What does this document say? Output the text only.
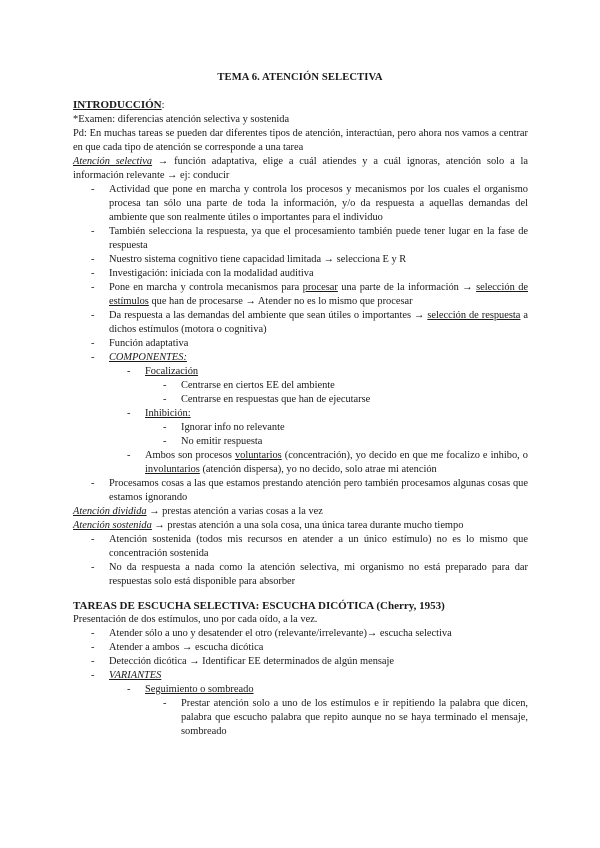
TEMA 6. ATENCIÓN SELECTIVA

INTRODUCCIÓN:

*Examen: diferencias atención selectiva y sostenida

Pd: En muchas tareas se pueden dar diferentes tipos de atención, interactúan, pero ahora nos vamos a centrar en que cada tipo de atención se corresponde a una tarea

Atención selectiva → función adaptativa, elige a cuál atiendes y a cuál ignoras, atención solo a la información relevante → ej: conducir

- Actividad que pone en marcha y controla los procesos y mecanismos por los cuales el organismo procesa tan sólo una parte de toda la información, y/o da respuesta a aquellas demandas del ambiente que son realmente útiles o importantes para el individuo
- También selecciona la respuesta, ya que el procesamiento también puede tener lugar en la fase de respuesta
- Nuestro sistema cognitivo tiene capacidad limitada → selecciona E y R
- Investigación: iniciada con la modalidad auditiva
- Pone en marcha y controla mecanismos para procesar una parte de la información → selección de estímulos que han de procesarse → Atender no es lo mismo que procesar
- Da respuesta a las demandas del ambiente que sean útiles o importantes → selección de respuesta a dichos estímulos (motora o cognitiva)
- Función adaptativa
- COMPONENTES:
- Focalización
- Centrarse en ciertos EE del ambiente
- Centrarse en respuestas que han de ejecutarse
- Inhibición:
- Ignorar info no relevante
- No emitir respuesta
- Ambos son procesos voluntarios (concentración), yo decido en que me focalizo e inhibo, o involuntarios (atención dispersa), yo no decido, solo atrae mi atención
- Procesamos cosas a las que estamos prestando atención pero también procesamos algunas cosas que estamos ignorando

Atención dividida → prestas atención a varias cosas a la vez

Atención sostenida → prestas atención a una sola cosa, una única tarea durante mucho tiempo

- Atención sostenida (todos mis recursos en atender a un único estímulo) no es lo mismo que concentración sostenida
- No da respuesta a nada como la atención selectiva, mi organismo no está preparado para dar respuestas solo está disponible para absorber

TAREAS DE ESCUCHA SELECTIVA: ESCUCHA DICÓTICA (Cherry, 1953)

Presentación de dos estímulos, uno por cada oído, a la vez.

- Atender sólo a uno y desatender el otro (relevante/irrelevante)→ escucha selectiva
- Atender a ambos → escucha dicótica
- Detección dicótica → Identificar EE determinados de algún mensaje
- VARIANTES
- Seguimiento o sombreado
- Prestar atención solo a uno de los estímulos e ir repitiendo la palabra que dicen, palabra que escucho palabra que repito aunque no se haya terminado el mensaje, sombreado
